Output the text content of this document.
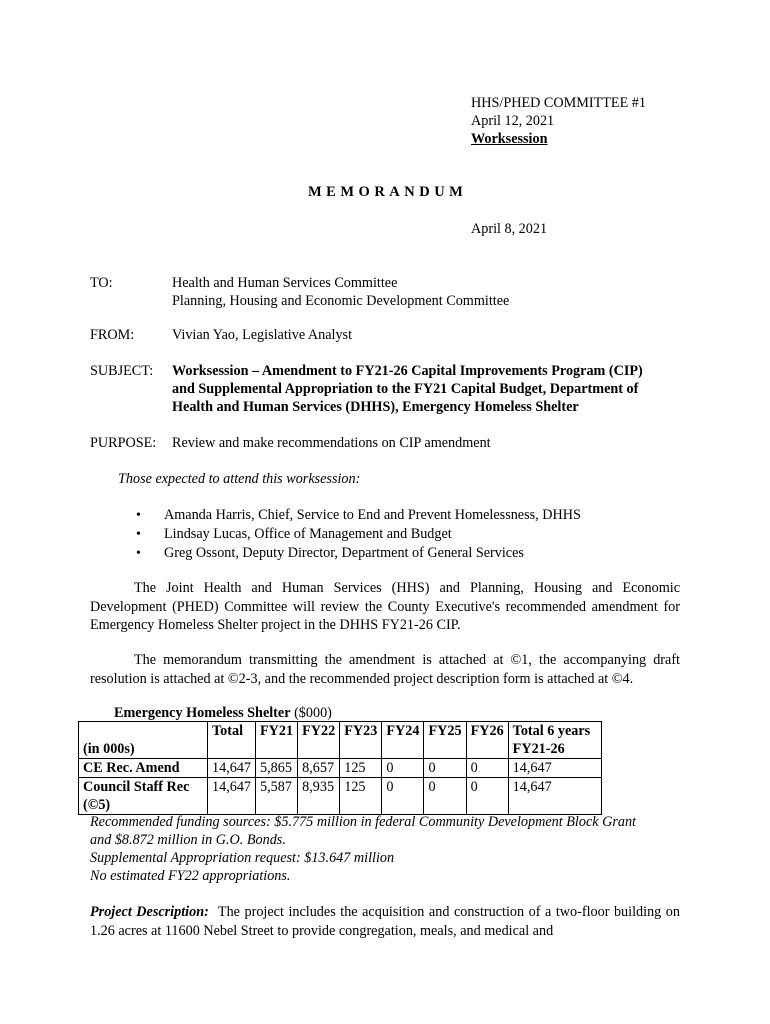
HHS/PHED COMMITTEE #1
April 12, 2021
Worksession
MEMORANDUM
April 8, 2021
TO:	Health and Human Services Committee
Planning, Housing and Economic Development Committee
FROM:	Vivian Yao, Legislative Analyst
SUBJECT: Worksession – Amendment to FY21-26 Capital Improvements Program (CIP)
and Supplemental Appropriation to the FY21 Capital Budget, Department of
Health and Human Services (DHHS), Emergency Homeless Shelter
PURPOSE: Review and make recommendations on CIP amendment
Those expected to attend this worksession:
• Amanda Harris, Chief, Service to End and Prevent Homelessness, DHHS
• Lindsay Lucas, Office of Management and Budget
• Greg Ossont, Deputy Director, Department of General Services
The Joint Health and Human Services (HHS) and Planning, Housing and Economic Development (PHED) Committee will review the County Executive's recommended amendment for Emergency Homeless Shelter project in the DHHS FY21-26 CIP.
The memorandum transmitting the amendment is attached at ©1, the accompanying draft resolution is attached at ©2-3, and the recommended project description form is attached at ©4.
Emergency Homeless Shelter ($000)
(in 000s)	Total	FY21	FY22	FY23	FY24	FY25	FY26	Total 6 years FY21-26
CE Rec. Amend	14,647	5,865	8,657	125	0	0	0	14,647
Council Staff Rec (©5)	14,647	5,587	8,935	125	0	0	0	14,647
Recommended funding sources: $5.775 million in federal Community Development Block Grant
and $8.872 million in G.O. Bonds.
Supplemental Appropriation request: $13.647 million
No estimated FY22 appropriations.
Project Description: The project includes the acquisition and construction of a two-floor building on 1.26 acres at 11600 Nebel Street to provide congregation, meals, and medical and
